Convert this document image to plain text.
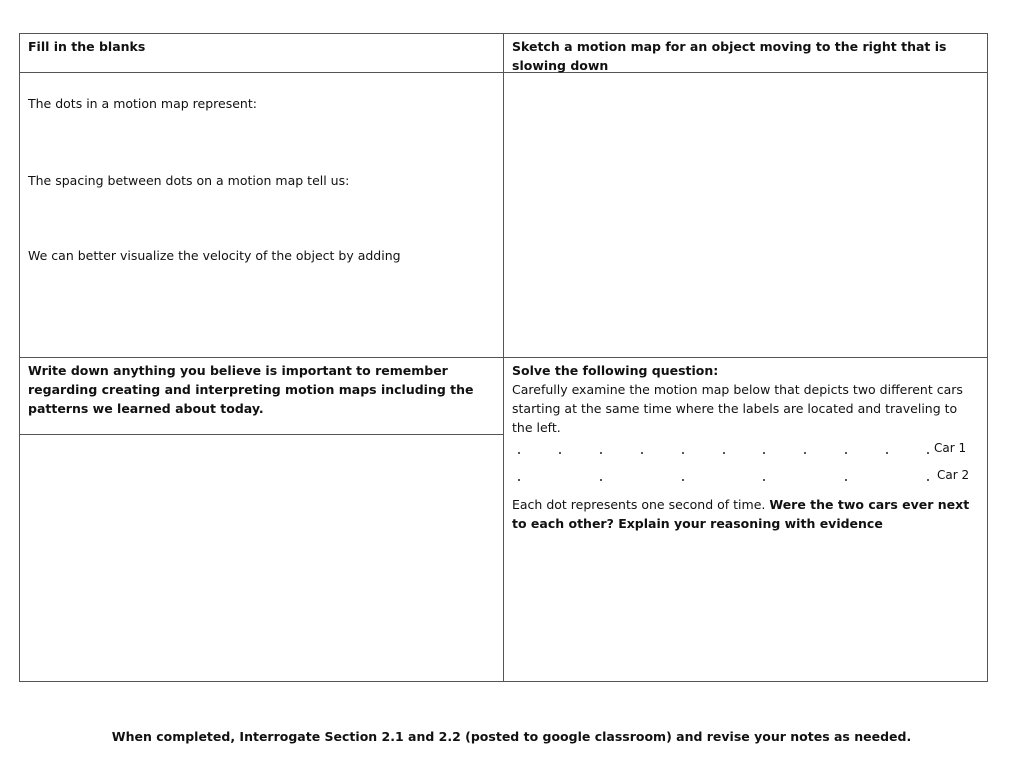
Fill in the blanks	Sketch a motion map for an object moving to the right that is slowing down
The dots in a motion map represent:
The spacing between dots on a motion map tell us:
We can better visualize the velocity of the object by adding
Write down anything you believe is important to remember regarding creating and interpreting motion maps including the patterns we learned about today.
Solve the following question:
Carefully examine the motion map below that depicts two different cars starting at the same time where the labels are located and traveling to the left.
Car 1
Car 2
Each dot represents one second of time. Were the two cars ever next to each other? Explain your reasoning with evidence
When completed, Interrogate Section 2.1 and 2.2 (posted to google classroom) and revise your notes as needed.
